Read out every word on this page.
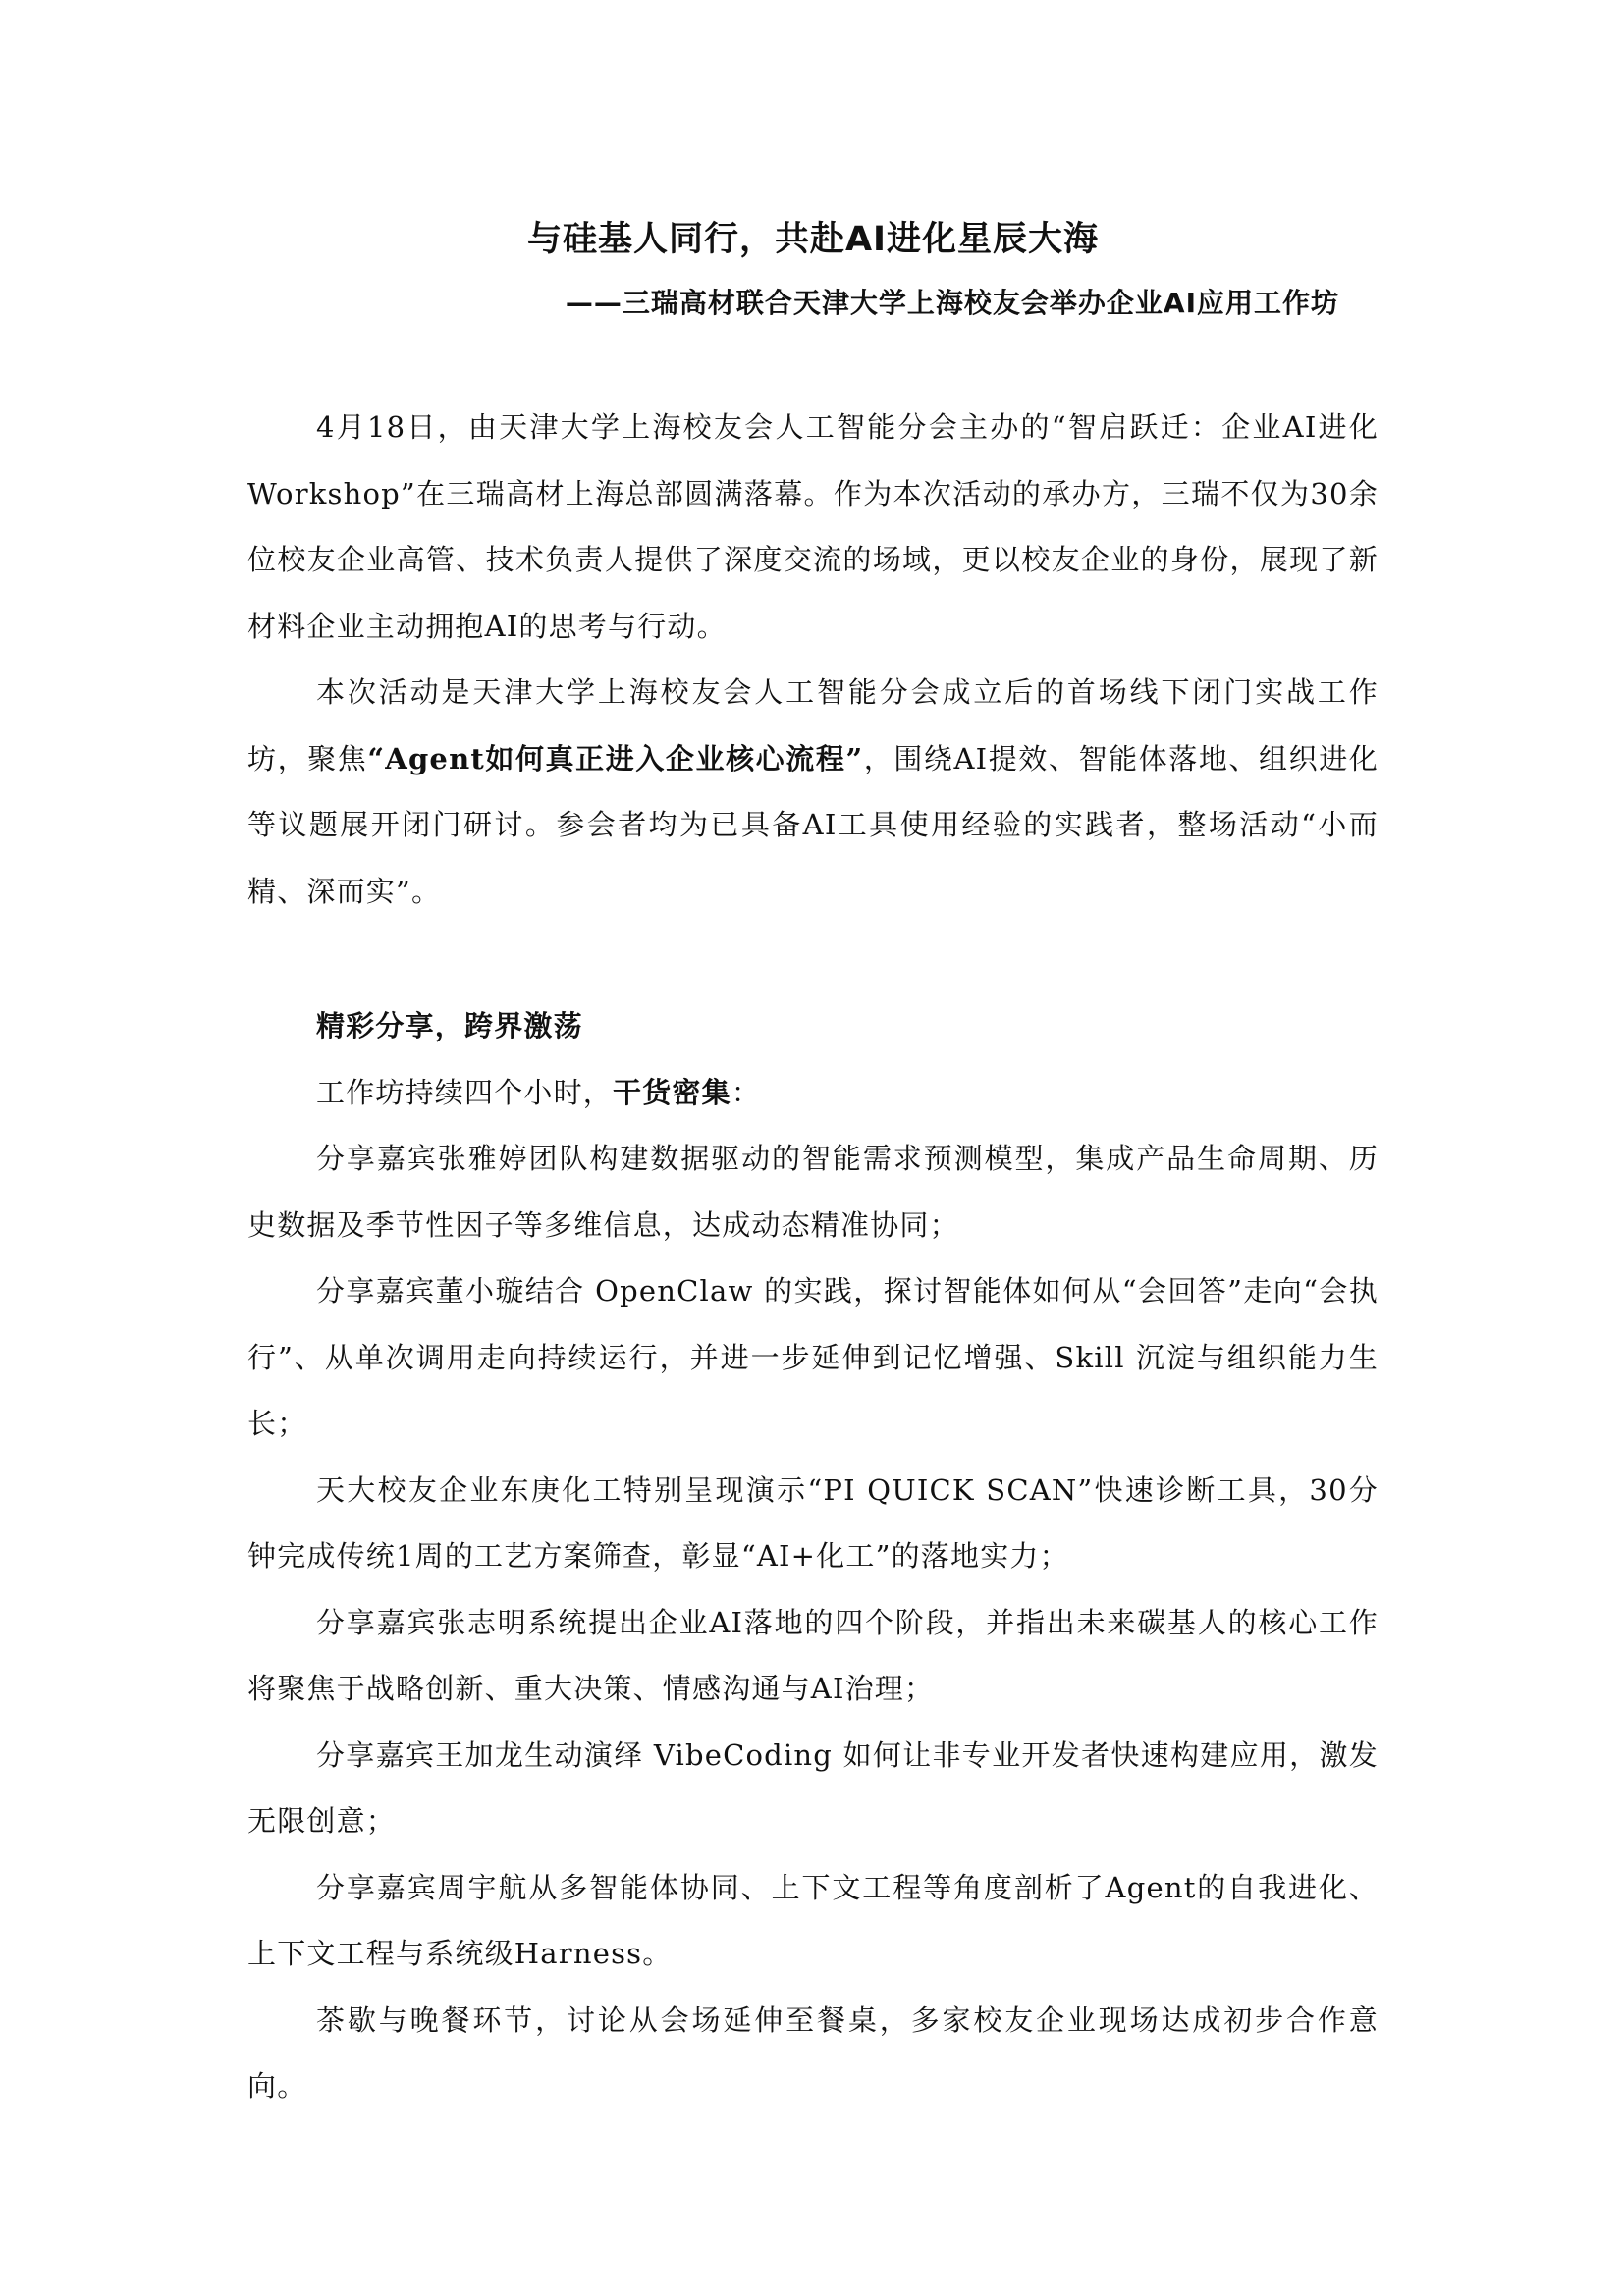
与硅基人同行，共赴AI进化星辰大海
——三瑞高材联合天津大学上海校友会举办企业AI应用工作坊

4月18日，由天津大学上海校友会人工智能分会主办的“智启跃迁：企业AI进化 Workshop”在三瑞高材上海总部圆满落幕。作为本次活动的承办方，三瑞不仅为30余位校友企业高管、技术负责人提供了深度交流的场域，更以校友企业的身份，展现了新材料企业主动拥抱AI的思考与行动。

本次活动是天津大学上海校友会人工智能分会成立后的首场线下闭门实战工作坊，聚焦“Agent如何真正进入企业核心流程”，围绕AI提效、智能体落地、组织进化等议题展开闭门研讨。参会者均为已具备AI工具使用经验的实践者，整场活动“小而精、深而实”。

精彩分享，跨界激荡

工作坊持续四个小时，干货密集：

分享嘉宾张雅婷团队构建数据驱动的智能需求预测模型，集成产品生命周期、历史数据及季节性因子等多维信息，达成动态精准协同；

分享嘉宾董小璇结合 OpenClaw 的实践，探讨智能体如何从“会回答”走向“会执行”、从单次调用走向持续运行，并进一步延伸到记忆增强、Skill 沉淀与组织能力生长；

天大校友企业东庚化工特别呈现演示“PI QUICK SCAN”快速诊断工具，30分钟完成传统1周的工艺方案筛查，彰显“AI+化工”的落地实力；

分享嘉宾张志明系统提出企业AI落地的四个阶段，并指出未来碳基人的核心工作将聚焦于战略创新、重大决策、情感沟通与AI治理；

分享嘉宾王加龙生动演绎 VibeCoding 如何让非专业开发者快速构建应用，激发无限创意；

分享嘉宾周宇航从多智能体协同、上下文工程等角度剖析了Agent的自我进化、上下文工程与系统级Harness。

茶歇与晚餐环节，讨论从会场延伸至餐桌，多家校友企业现场达成初步合作意向。
